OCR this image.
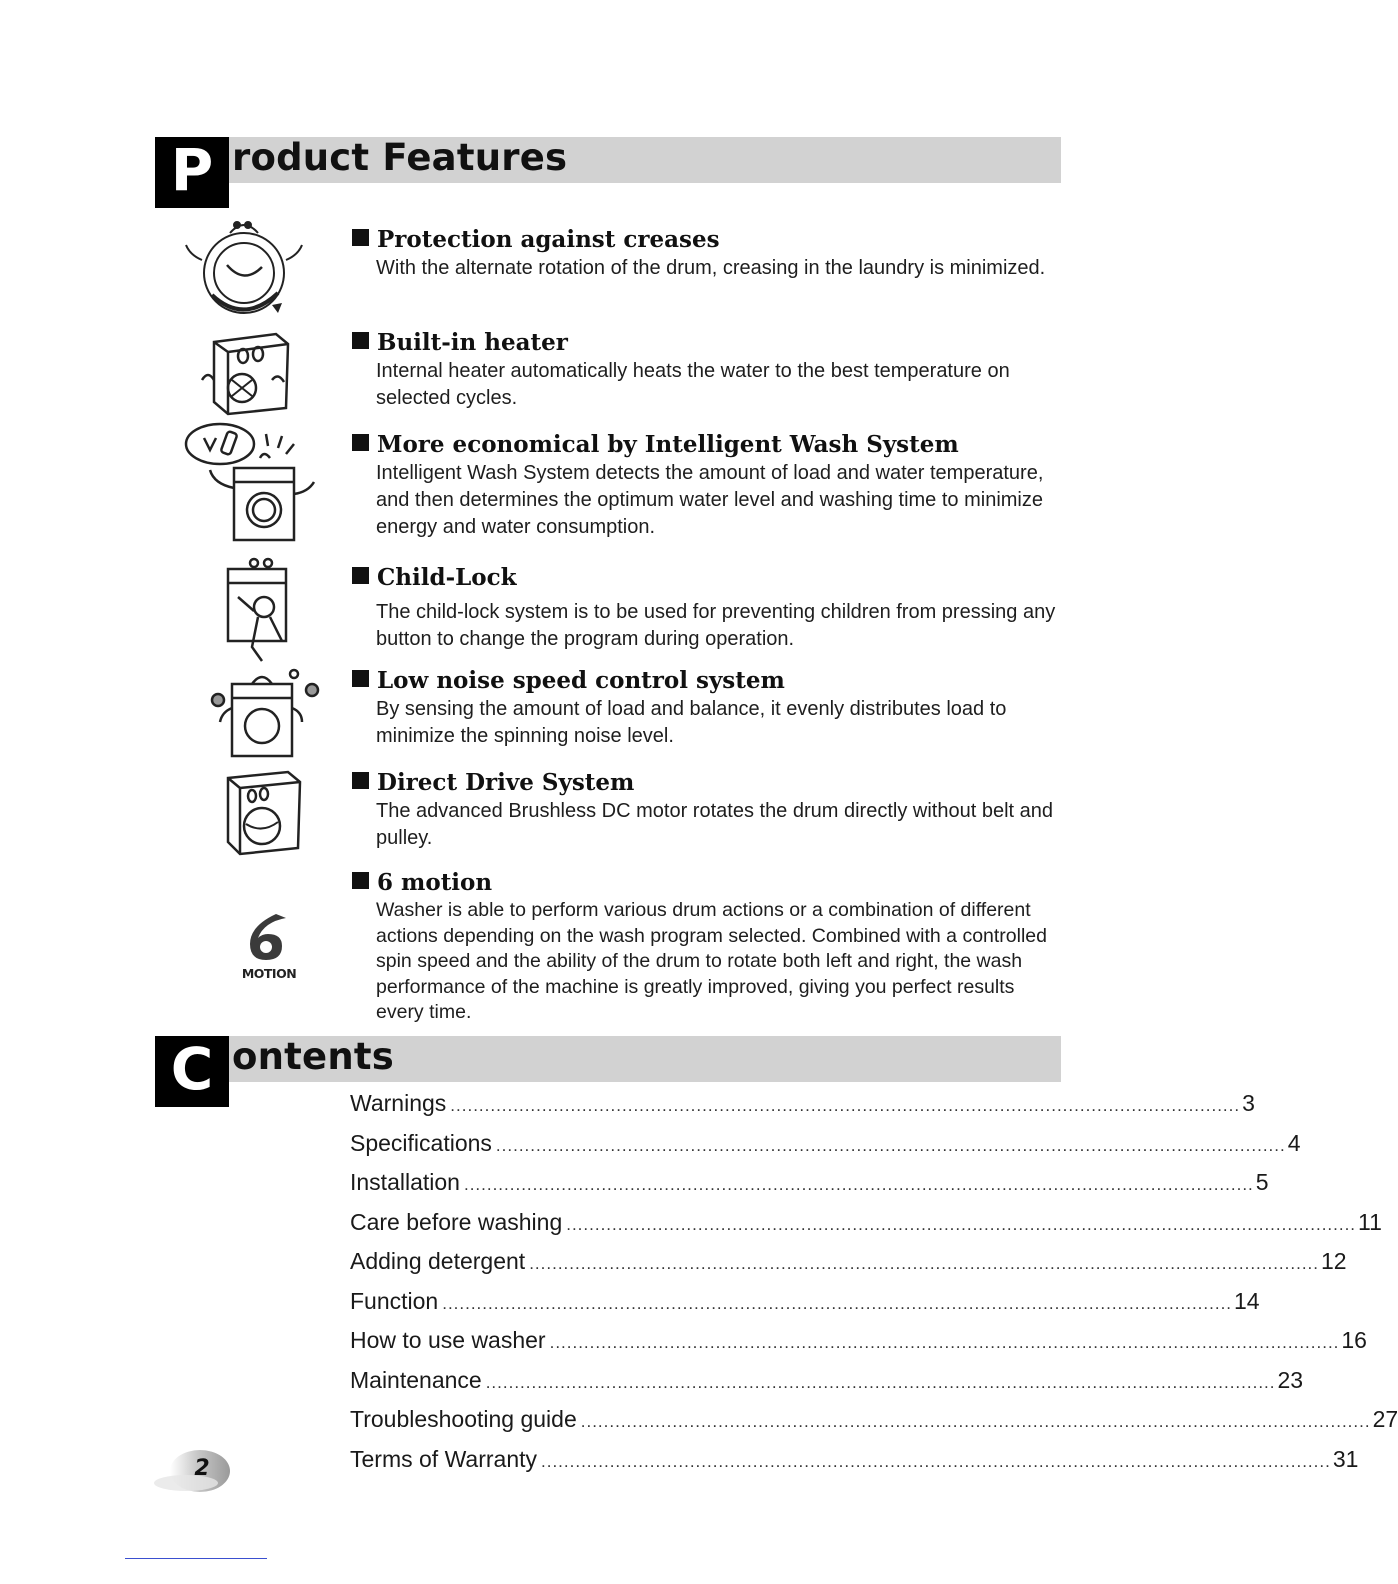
P roduct Features
MOTION
Protection against creases
With the alternate rotation of the drum, creasing in the laundry is minimized.
Built-in heater
Internal heater automatically heats the water to the best temperature on selected cycles.
More economical by Intelligent Wash System
Intelligent Wash System detects the amount of load and water temperature, and then determines the optimum water level and washing time to minimize energy and water consumption.
Child-Lock
The child-lock system is to be used for preventing children from pressing any button to change the program during operation.
Low noise speed control system
By sensing the amount of load and balance, it evenly distributes load to minimize the spinning noise level.
Direct Drive System
The advanced Brushless DC motor rotates the drum directly without belt and pulley.
6 motion
Washer is able to perform various drum actions or a combination of different actions depending on the wash program selected. Combined with a controlled spin speed and the ability of the drum to rotate both left and right, the wash performance of the machine is greatly improved, giving you perfect results every time.
C ontents
Warnings .......................................................................................................................................... 3
Specifications .......................................................................................................................................... 4
Installation .......................................................................................................................................... 5
Care before washing .......................................................................................................................................... 11
Adding detergent .......................................................................................................................................... 12
Function .......................................................................................................................................... 14
How to use washer .......................................................................................................................................... 16
Maintenance .......................................................................................................................................... 23
Troubleshooting guide .......................................................................................................................................... 27
Terms of Warranty .......................................................................................................................................... 31
2
